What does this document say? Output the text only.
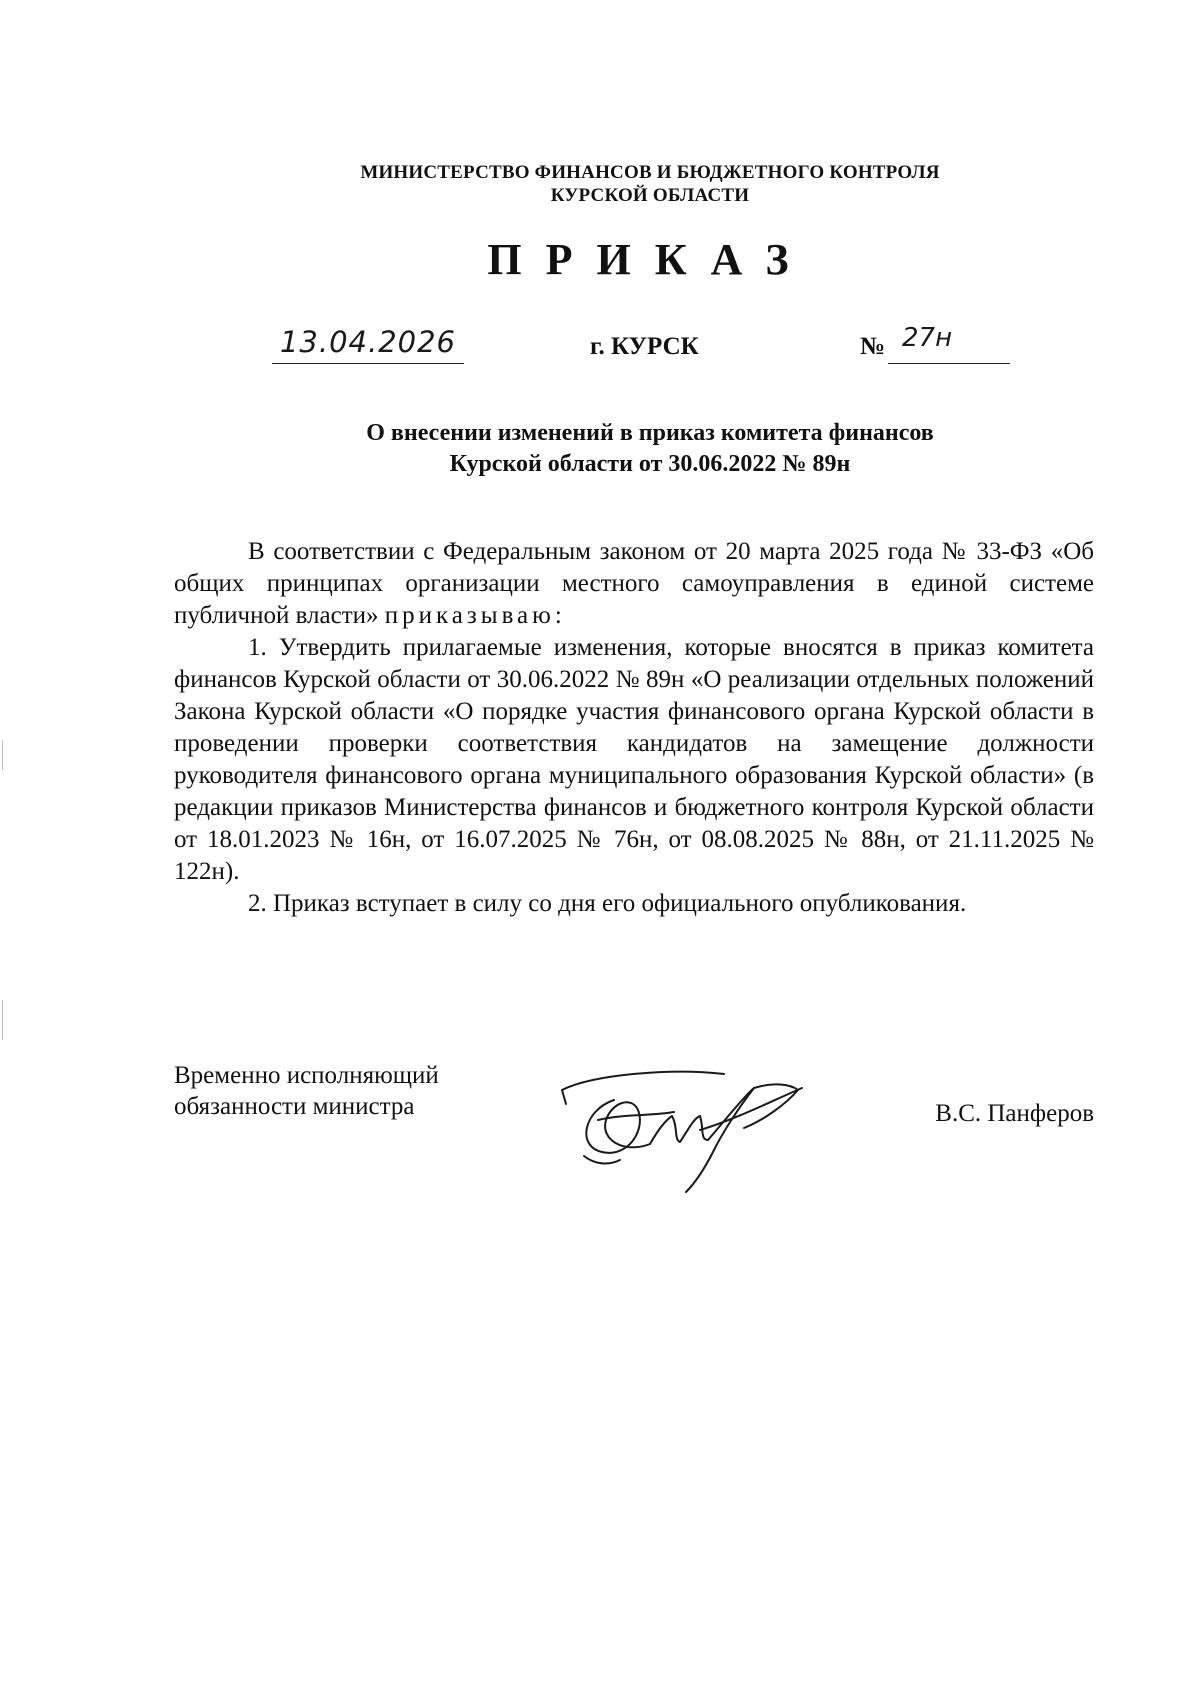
МИНИСТЕРСТВО ФИНАНСОВ И БЮДЖЕТНОГО КОНТРОЛЯ
КУРСКОЙ ОБЛАСТИ
ПРИКАЗ
13.04.2026	г. КУРСК	№ 27н
О внесении изменений в приказ комитета финансов
Курской области от 30.06.2022 № 89н

В соответствии с Федеральным законом от 20 марта 2025 года № 33-ФЗ «Об общих принципах организации местного самоуправления в единой системе публичной власти» приказываю:

1. Утвердить прилагаемые изменения, которые вносятся в приказ комитета финансов Курской области от 30.06.2022 № 89н «О реализации отдельных положений Закона Курской области «О порядке участия финансового органа Курской области в проведении проверки соответствия кандидатов на замещение должности руководителя финансового органа муниципального образования Курской области» (в редакции приказов Министерства финансов и бюджетного контроля Курской области от 18.01.2023 № 16н, от 16.07.2025 № 76н, от 08.08.2025 № 88н, от 21.11.2025 № 122н).

2. Приказ вступает в силу со дня его официального опубликования.

Временно исполняющий
обязанности министра	В.С. Панферов
